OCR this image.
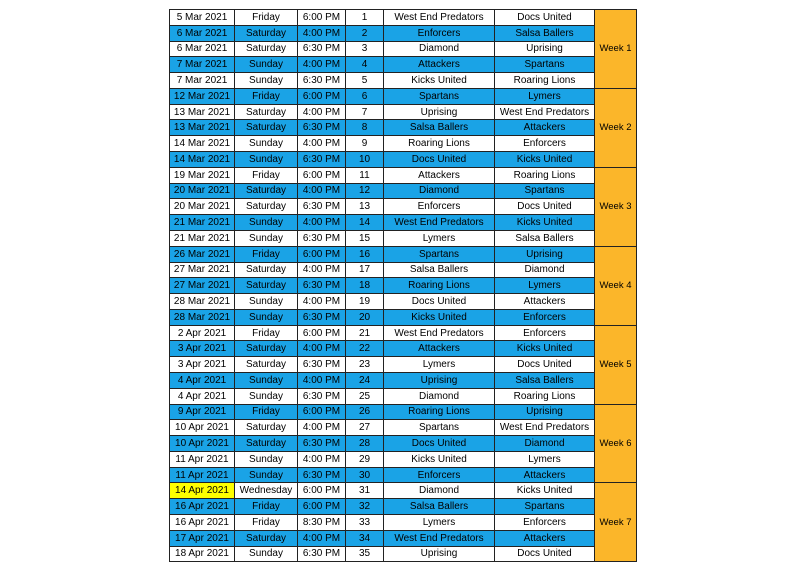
5 Mar 2021	Friday	6:00 PM	1	West End Predators	Docs United	Week 1
6 Mar 2021	Saturday	4:00 PM	2	Enforcers	Salsa Ballers	
6 Mar 2021	Saturday	6:30 PM	3	Diamond	Uprising	
7 Mar 2021	Sunday	4:00 PM	4	Attackers	Spartans	
7 Mar 2021	Sunday	6:30 PM	5	Kicks United	Roaring Lions	
12 Mar 2021	Friday	6:00 PM	6	Spartans	Lymers	Week 2
13 Mar 2021	Saturday	4:00 PM	7	Uprising	West End Predators	
13 Mar 2021	Saturday	6:30 PM	8	Salsa Ballers	Attackers	
14 Mar 2021	Sunday	4:00 PM	9	Roaring Lions	Enforcers	
14 Mar 2021	Sunday	6:30 PM	10	Docs United	Kicks United	
19 Mar 2021	Friday	6:00 PM	11	Attackers	Roaring Lions	Week 3
20 Mar 2021	Saturday	4:00 PM	12	Diamond	Spartans	
20 Mar 2021	Saturday	6:30 PM	13	Enforcers	Docs United	
21 Mar 2021	Sunday	4:00 PM	14	West End Predators	Kicks United	
21 Mar 2021	Sunday	6:30 PM	15	Lymers	Salsa Ballers	
26 Mar 2021	Friday	6:00 PM	16	Spartans	Uprising	Week 4
27 Mar 2021	Saturday	4:00 PM	17	Salsa Ballers	Diamond	
27 Mar 2021	Saturday	6:30 PM	18	Roaring Lions	Lymers	
28 Mar 2021	Sunday	4:00 PM	19	Docs United	Attackers	
28 Mar 2021	Sunday	6:30 PM	20	Kicks United	Enforcers	
2 Apr 2021	Friday	6:00 PM	21	West End Predators	Enforcers	Week 5
3 Apr 2021	Saturday	4:00 PM	22	Attackers	Kicks United	
3 Apr 2021	Saturday	6:30 PM	23	Lymers	Docs United	
4 Apr 2021	Sunday	4:00 PM	24	Uprising	Salsa Ballers	
4 Apr 2021	Sunday	6:30 PM	25	Diamond	Roaring Lions	
9 Apr 2021	Friday	6:00 PM	26	Roaring Lions	Uprising	Week 6
10 Apr 2021	Saturday	4:00 PM	27	Spartans	West End Predators	
10 Apr 2021	Saturday	6:30 PM	28	Docs United	Diamond	
11 Apr 2021	Sunday	4:00 PM	29	Kicks United	Lymers	
11 Apr 2021	Sunday	6:30 PM	30	Enforcers	Attackers	
14 Apr 2021	Wednesday	6:00 PM	31	Diamond	Kicks United	Week 7
16 Apr 2021	Friday	6:00 PM	32	Salsa Ballers	Spartans	
16 Apr 2021	Friday	8:30 PM	33	Lymers	Enforcers	
17 Apr 2021	Saturday	4:00 PM	34	West End Predators	Attackers	
18 Apr 2021	Sunday	6:30 PM	35	Uprising	Docs United	
